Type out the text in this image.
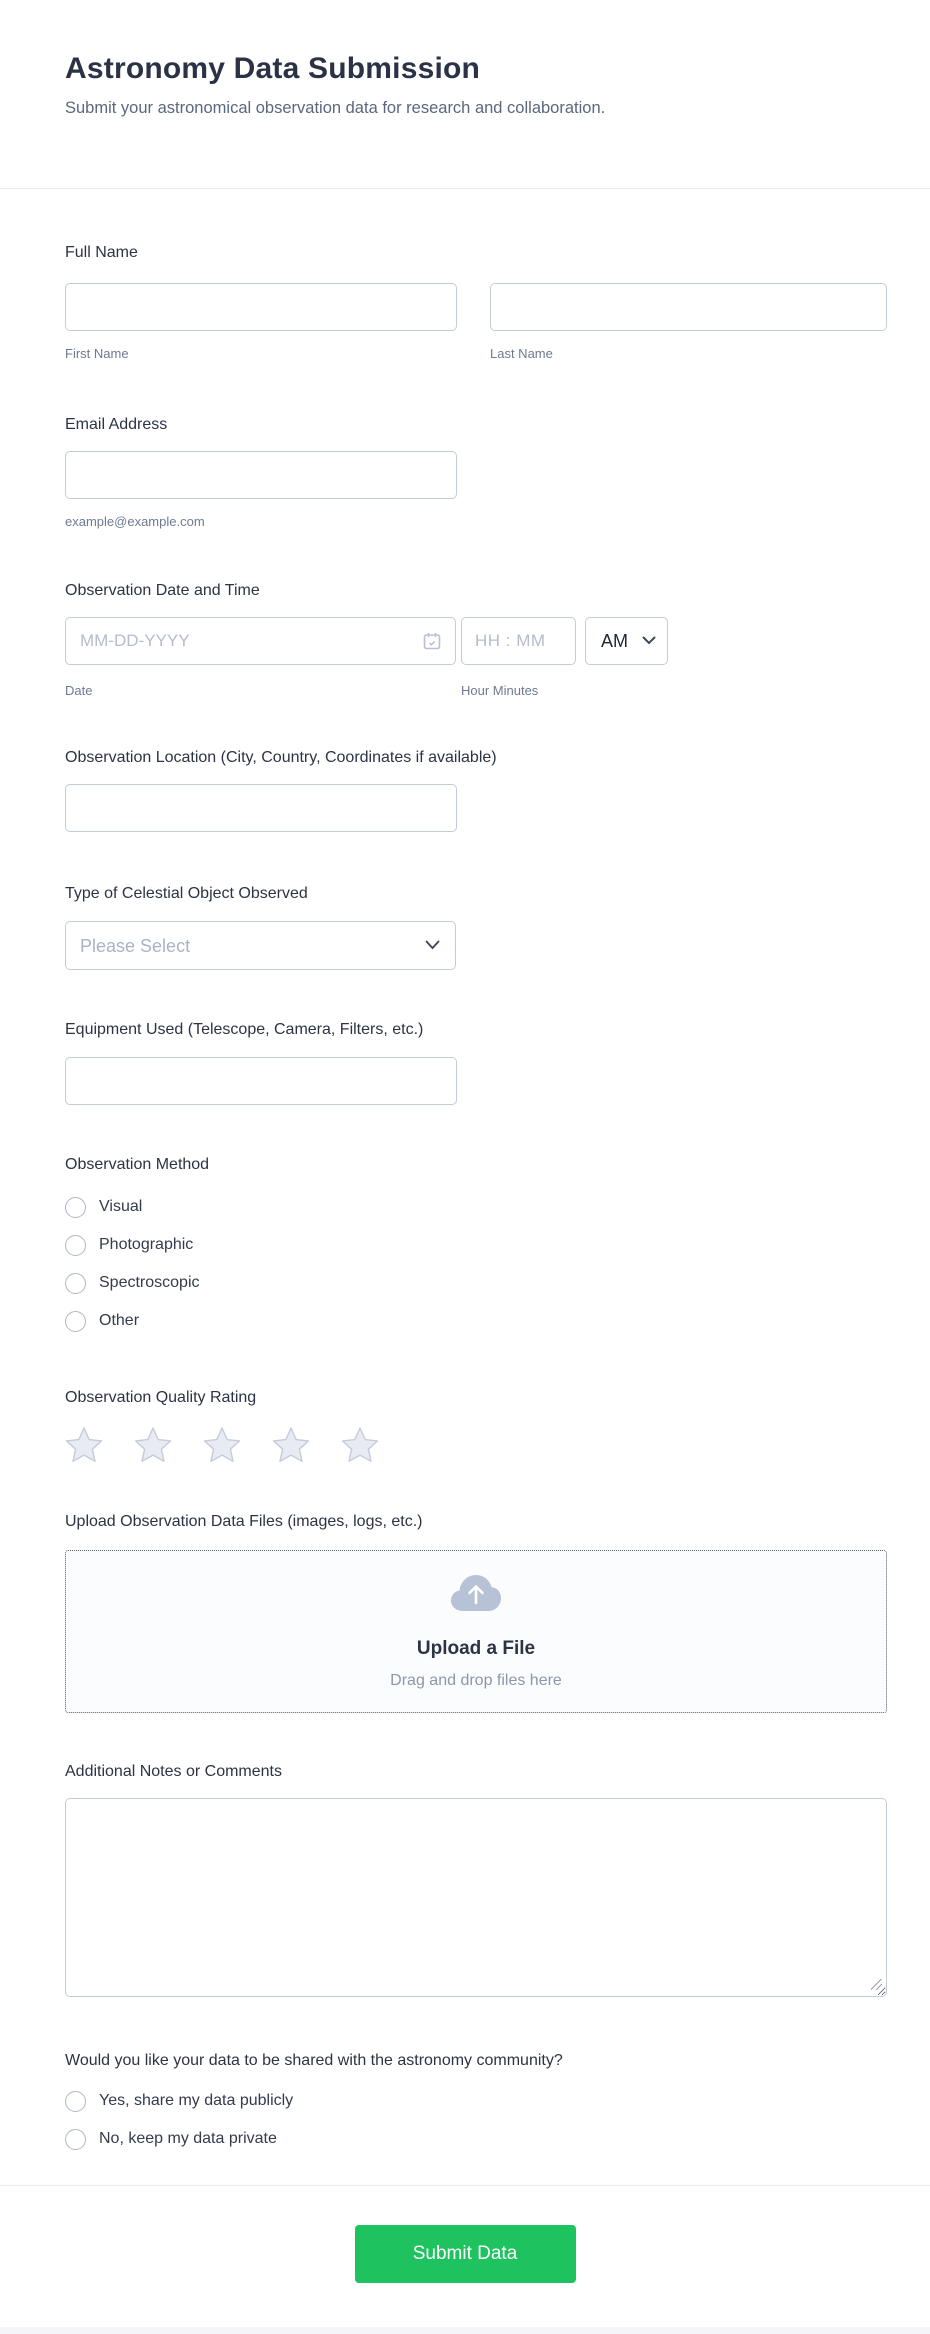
Astronomy Data Submission
Submit your astronomical observation data for research and collaboration.
Full Name
First Name	Last Name
Email Address
example@example.com
Observation Date and Time
MM-DD-YYYY
HH : MM
AM
Date	Hour Minutes
Observation Location (City, Country, Coordinates if available)
Type of Celestial Object Observed
Please Select
Equipment Used (Telescope, Camera, Filters, etc.)
Observation Method
Visual
Photographic
Spectroscopic
Other
Observation Quality Rating
Upload Observation Data Files (images, logs, etc.)
Upload a File
Drag and drop files here
Additional Notes or Comments
Would you like your data to be shared with the astronomy community?
Yes, share my data publicly
No, keep my data private
Submit Data
